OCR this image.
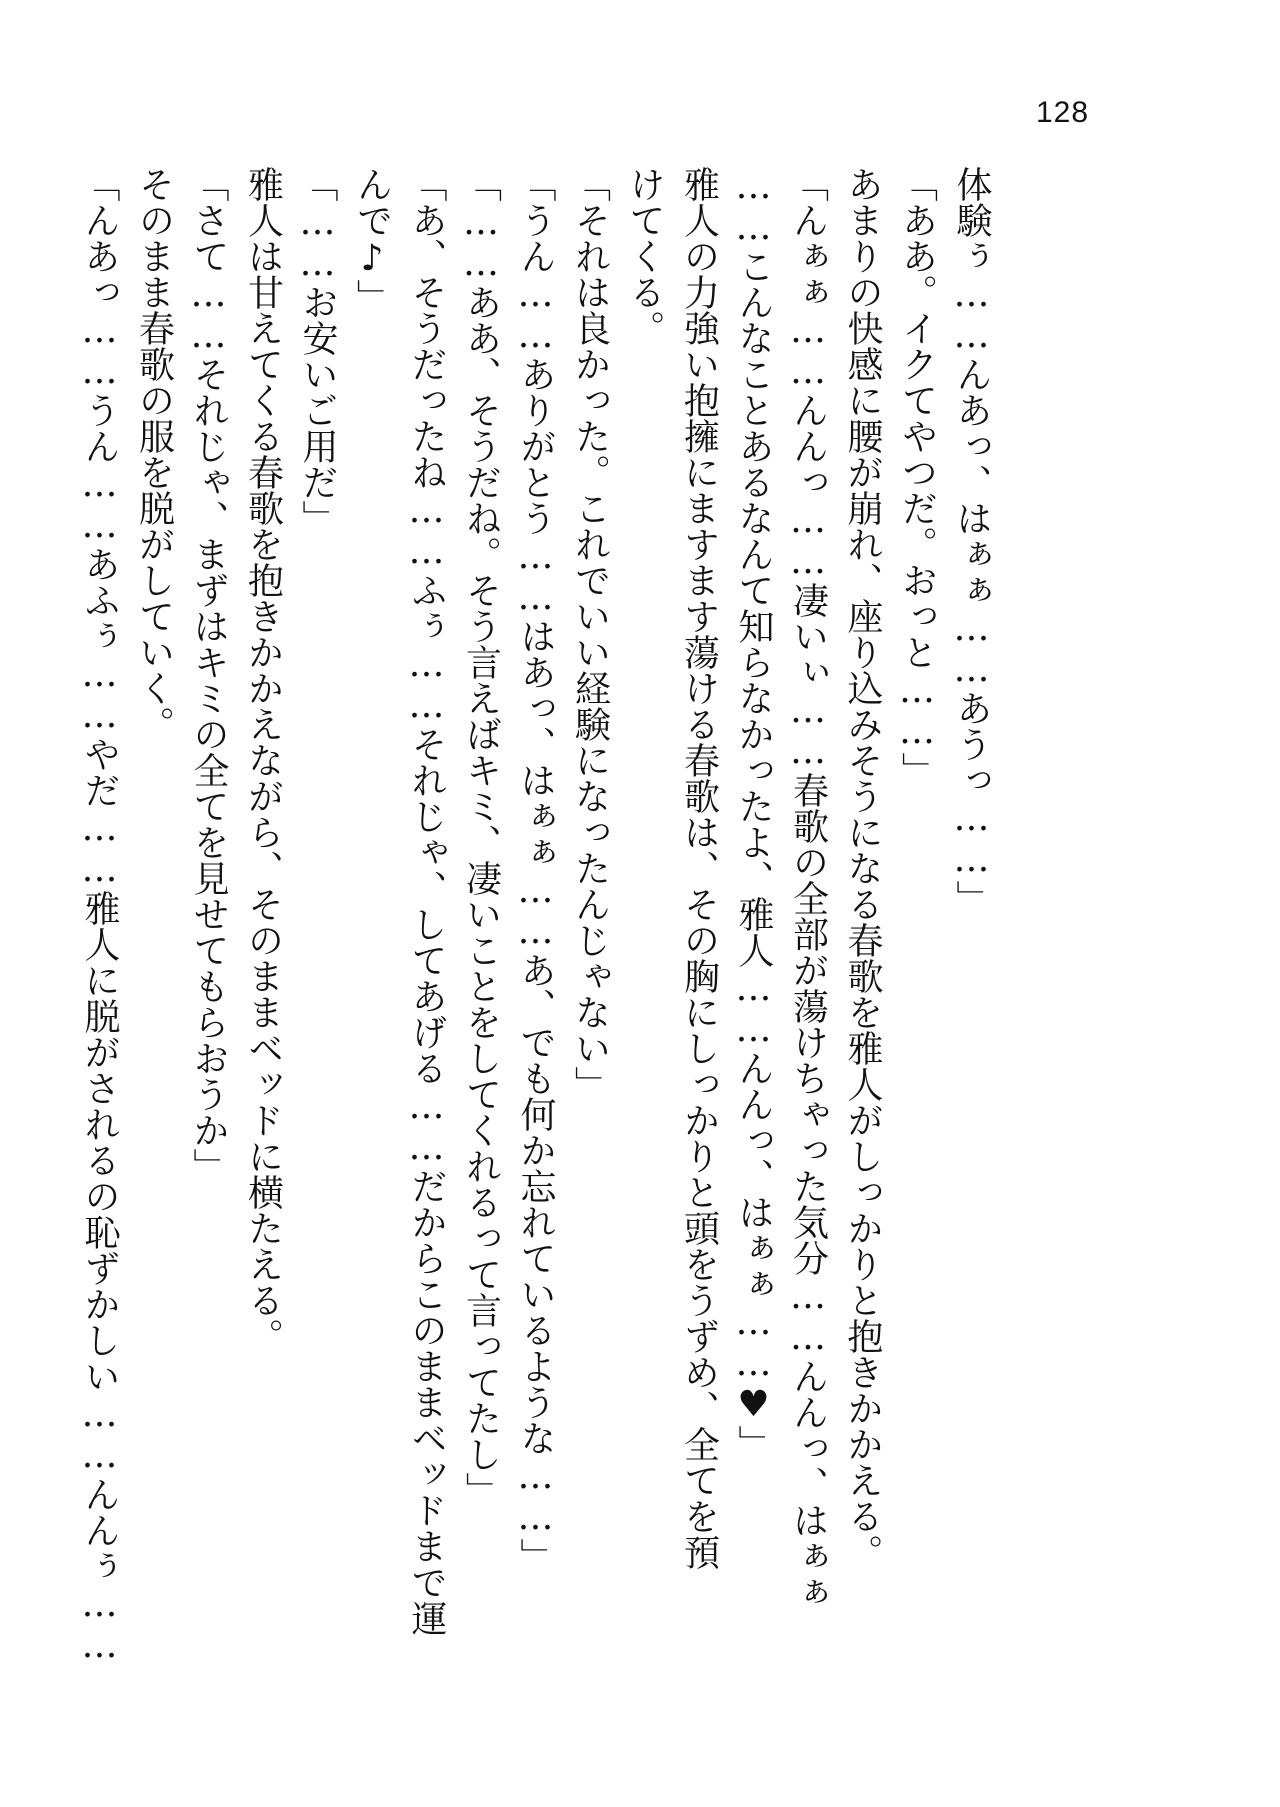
128
体験ぅ……んあっ、はぁぁ……あうっ……」
「ああ。イクてやつだ。おっと……」
あまりの快感に腰が崩れ、座り込みそうになる春歌を雅人がしっかりと抱きかかえる。
「んぁぁ……んんっ……凄いぃ……春歌の全部が蕩けちゃった気分……んんっ、はぁぁ
……こんなことあるなんて知らなかったよ、雅人……んんっ、はぁぁ……♥」
雅人の力強い抱擁にますます蕩ける春歌は、その胸にしっかりと頭をうずめ、全てを預
けてくる。
「それは良かった。これでいい経験になったんじゃない」
「うん……ありがとう……はあっ、はぁぁ……あ、でも何か忘れているような……」
「……ああ、そうだね。そう言えばキミ、凄いことをしてくれるって言ってたし」
「あ、そうだったね……ふぅ……それじゃ、してあげる……だからこのままベッドまで運
んで♪」
「……お安いご用だ」
雅人は甘えてくる春歌を抱きかかえながら、そのままベッドに横たえる。
「さて……それじゃ、まずはキミの全てを見せてもらおうか」
そのまま春歌の服を脱がしていく。
「んあっ……うん……あふぅ……やだ……雅人に脱がされるの恥ずかしい……んんぅ……
